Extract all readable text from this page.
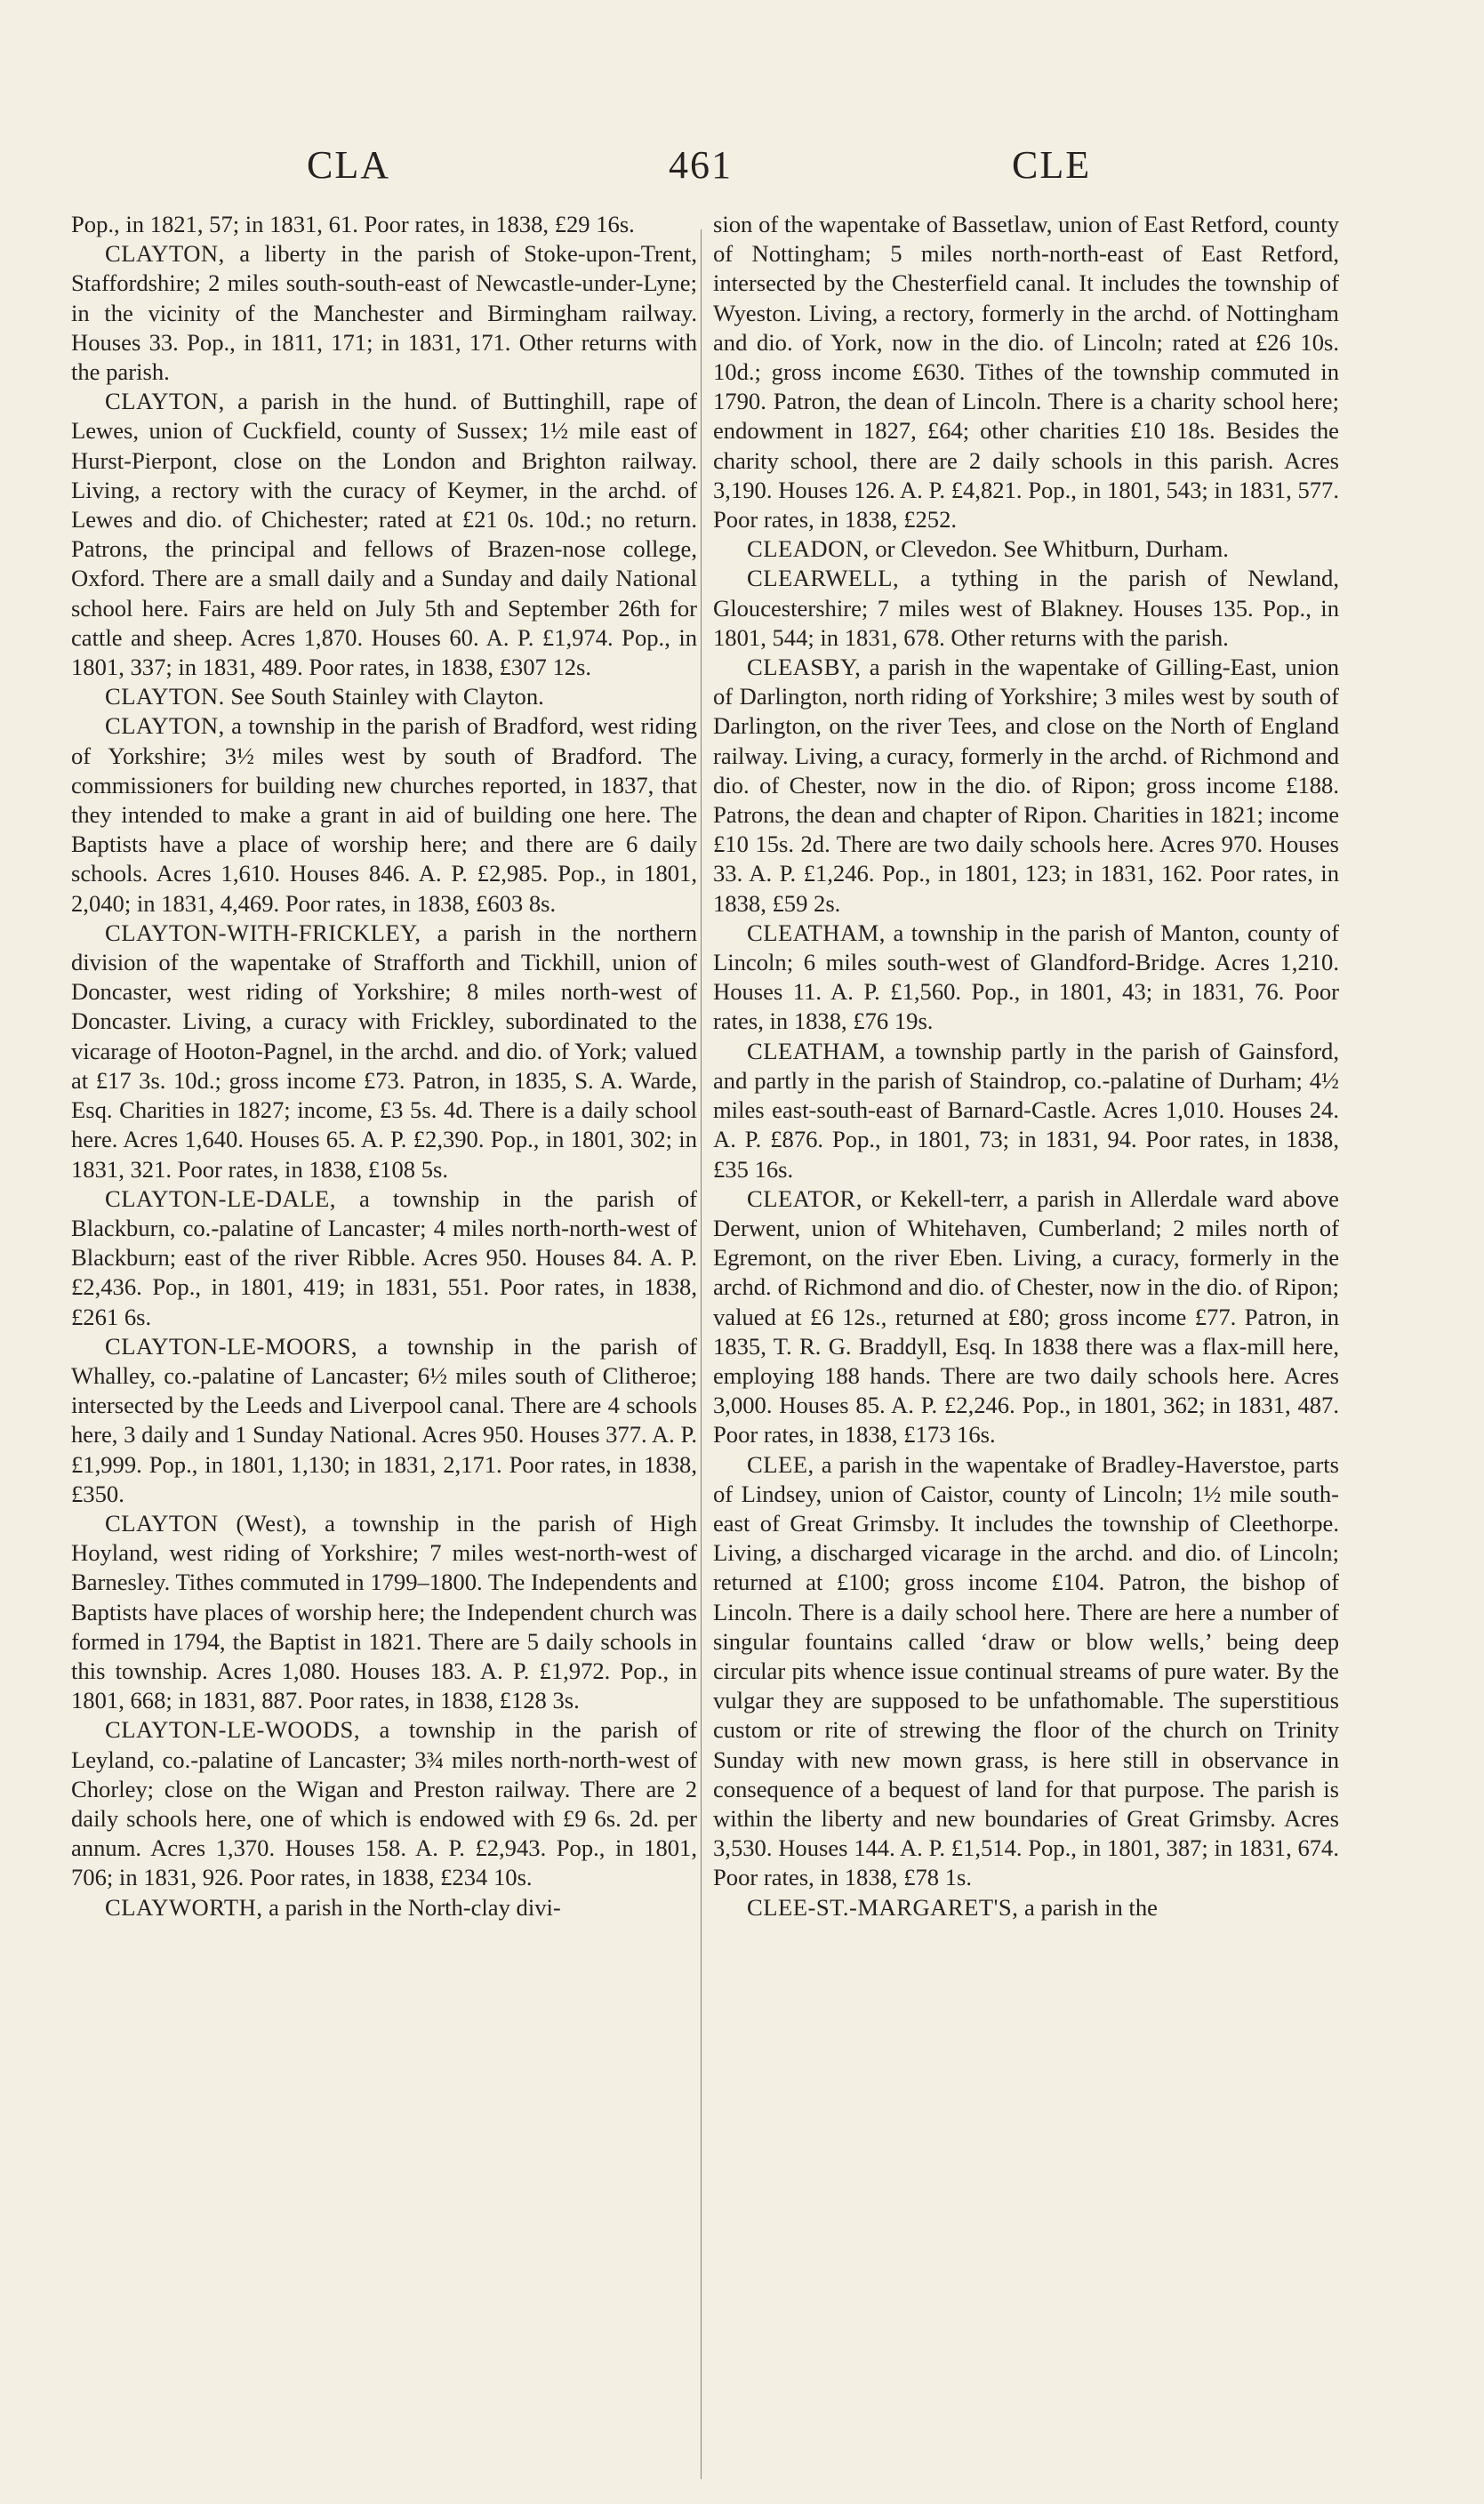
CLA	461	CLE

Pop., in 1821, 57; in 1831, 61. Poor rates, in 1838, £29 16s.

CLAYTON, a liberty in the parish of Stoke-upon-Trent, Staffordshire; 2 miles south-south-east of Newcastle-under-Lyne; in the vicinity of the Manchester and Birmingham railway. Houses 33. Pop., in 1811, 171; in 1831, 171. Other returns with the parish.

CLAYTON, a parish in the hund. of Buttinghill, rape of Lewes, union of Cuckfield, county of Sussex; 1½ mile east of Hurst-Pierpont, close on the London and Brighton railway. Living, a rectory with the curacy of Keymer, in the archd. of Lewes and dio. of Chichester; rated at £21 0s. 10d.; no return. Patrons, the principal and fellows of Brazen-nose college, Oxford. There are a small daily and a Sunday and daily National school here. Fairs are held on July 5th and September 26th for cattle and sheep. Acres 1,870. Houses 60. A. P. £1,974. Pop., in 1801, 337; in 1831, 489. Poor rates, in 1838, £307 12s.

CLAYTON. See South Stainley with Clayton.

CLAYTON, a township in the parish of Bradford, west riding of Yorkshire; 3½ miles west by south of Bradford. The commissioners for building new churches reported, in 1837, that they intended to make a grant in aid of building one here. The Baptists have a place of worship here; and there are 6 daily schools. Acres 1,610. Houses 846. A. P. £2,985. Pop., in 1801, 2,040; in 1831, 4,469. Poor rates, in 1838, £603 8s.

CLAYTON-WITH-FRICKLEY, a parish in the northern division of the wapentake of Strafforth and Tickhill, union of Doncaster, west riding of Yorkshire; 8 miles north-west of Doncaster. Living, a curacy with Frickley, subordinated to the vicarage of Hooton-Pagnel, in the archd. and dio. of York; valued at £17 3s. 10d.; gross income £73. Patron, in 1835, S. A. Warde, Esq. Charities in 1827; income, £3 5s. 4d. There is a daily school here. Acres 1,640. Houses 65. A. P. £2,390. Pop., in 1801, 302; in 1831, 321. Poor rates, in 1838, £108 5s.

CLAYTON-LE-DALE, a township in the parish of Blackburn, co.-palatine of Lancaster; 4 miles north-north-west of Blackburn; east of the river Ribble. Acres 950. Houses 84. A. P. £2,436. Pop., in 1801, 419; in 1831, 551. Poor rates, in 1838, £261 6s.

CLAYTON-LE-MOORS, a township in the parish of Whalley, co.-palatine of Lancaster; 6½ miles south of Clitheroe; intersected by the Leeds and Liverpool canal. There are 4 schools here, 3 daily and 1 Sunday National. Acres 950. Houses 377. A. P. £1,999. Pop., in 1801, 1,130; in 1831, 2,171. Poor rates, in 1838, £350.

CLAYTON (West), a township in the parish of High Hoyland, west riding of Yorkshire; 7 miles west-north-west of Barnesley. Tithes commuted in 1799–1800. The Independents and Baptists have places of worship here; the Independent church was formed in 1794, the Baptist in 1821. There are 5 daily schools in this township. Acres 1,080. Houses 183. A. P. £1,972. Pop., in 1801, 668; in 1831, 887. Poor rates, in 1838, £128 3s.

CLAYTON-LE-WOODS, a township in the parish of Leyland, co.-palatine of Lancaster; 3¾ miles north-north-west of Chorley; close on the Wigan and Preston railway. There are 2 daily schools here, one of which is endowed with £9 6s. 2d. per annum. Acres 1,370. Houses 158. A. P. £2,943. Pop., in 1801, 706; in 1831, 926. Poor rates, in 1838, £234 10s.

CLAYWORTH, a parish in the North-clay divi-

sion of the wapentake of Bassetlaw, union of East Retford, county of Nottingham; 5 miles north-north-east of East Retford, intersected by the Chesterfield canal. It includes the township of Wyeston. Living, a rectory, formerly in the archd. of Nottingham and dio. of York, now in the dio. of Lincoln; rated at £26 10s. 10d.; gross income £630. Tithes of the township commuted in 1790. Patron, the dean of Lincoln. There is a charity school here; endowment in 1827, £64; other charities £10 18s. Besides the charity school, there are 2 daily schools in this parish. Acres 3,190. Houses 126. A. P. £4,821. Pop., in 1801, 543; in 1831, 577. Poor rates, in 1838, £252.

CLEADON, or Clevedon. See Whitburn, Durham.

CLEARWELL, a tything in the parish of Newland, Gloucestershire; 7 miles west of Blakney. Houses 135. Pop., in 1801, 544; in 1831, 678. Other returns with the parish.

CLEASBY, a parish in the wapentake of Gilling-East, union of Darlington, north riding of Yorkshire; 3 miles west by south of Darlington, on the river Tees, and close on the North of England railway. Living, a curacy, formerly in the archd. of Richmond and dio. of Chester, now in the dio. of Ripon; gross income £188. Patrons, the dean and chapter of Ripon. Charities in 1821; income £10 15s. 2d. There are two daily schools here. Acres 970. Houses 33. A. P. £1,246. Pop., in 1801, 123; in 1831, 162. Poor rates, in 1838, £59 2s.

CLEATHAM, a township in the parish of Manton, county of Lincoln; 6 miles south-west of Glandford-Bridge. Acres 1,210. Houses 11. A. P. £1,560. Pop., in 1801, 43; in 1831, 76. Poor rates, in 1838, £76 19s.

CLEATHAM, a township partly in the parish of Gainsford, and partly in the parish of Staindrop, co.-palatine of Durham; 4½ miles east-south-east of Barnard-Castle. Acres 1,010. Houses 24. A. P. £876. Pop., in 1801, 73; in 1831, 94. Poor rates, in 1838, £35 16s.

CLEATOR, or Kekell-terr, a parish in Allerdale ward above Derwent, union of Whitehaven, Cumberland; 2 miles north of Egremont, on the river Eben. Living, a curacy, formerly in the archd. of Richmond and dio. of Chester, now in the dio. of Ripon; valued at £6 12s., returned at £80; gross income £77. Patron, in 1835, T. R. G. Braddyll, Esq. In 1838 there was a flax-mill here, employing 188 hands. There are two daily schools here. Acres 3,000. Houses 85. A. P. £2,246. Pop., in 1801, 362; in 1831, 487. Poor rates, in 1838, £173 16s.

CLEE, a parish in the wapentake of Bradley-Haverstoe, parts of Lindsey, union of Caistor, county of Lincoln; 1½ mile south-east of Great Grimsby. It includes the township of Cleethorpe. Living, a discharged vicarage in the archd. and dio. of Lincoln; returned at £100; gross income £104. Patron, the bishop of Lincoln. There is a daily school here. There are here a number of singular fountains called ‘draw or blow wells,’ being deep circular pits whence issue continual streams of pure water. By the vulgar they are supposed to be unfathomable. The superstitious custom or rite of strewing the floor of the church on Trinity Sunday with new mown grass, is here still in observance in consequence of a bequest of land for that purpose. The parish is within the liberty and new boundaries of Great Grimsby. Acres 3,530. Houses 144. A. P. £1,514. Pop., in 1801, 387; in 1831, 674. Poor rates, in 1838, £78 1s.

CLEE-ST.-MARGARET'S, a parish in the
